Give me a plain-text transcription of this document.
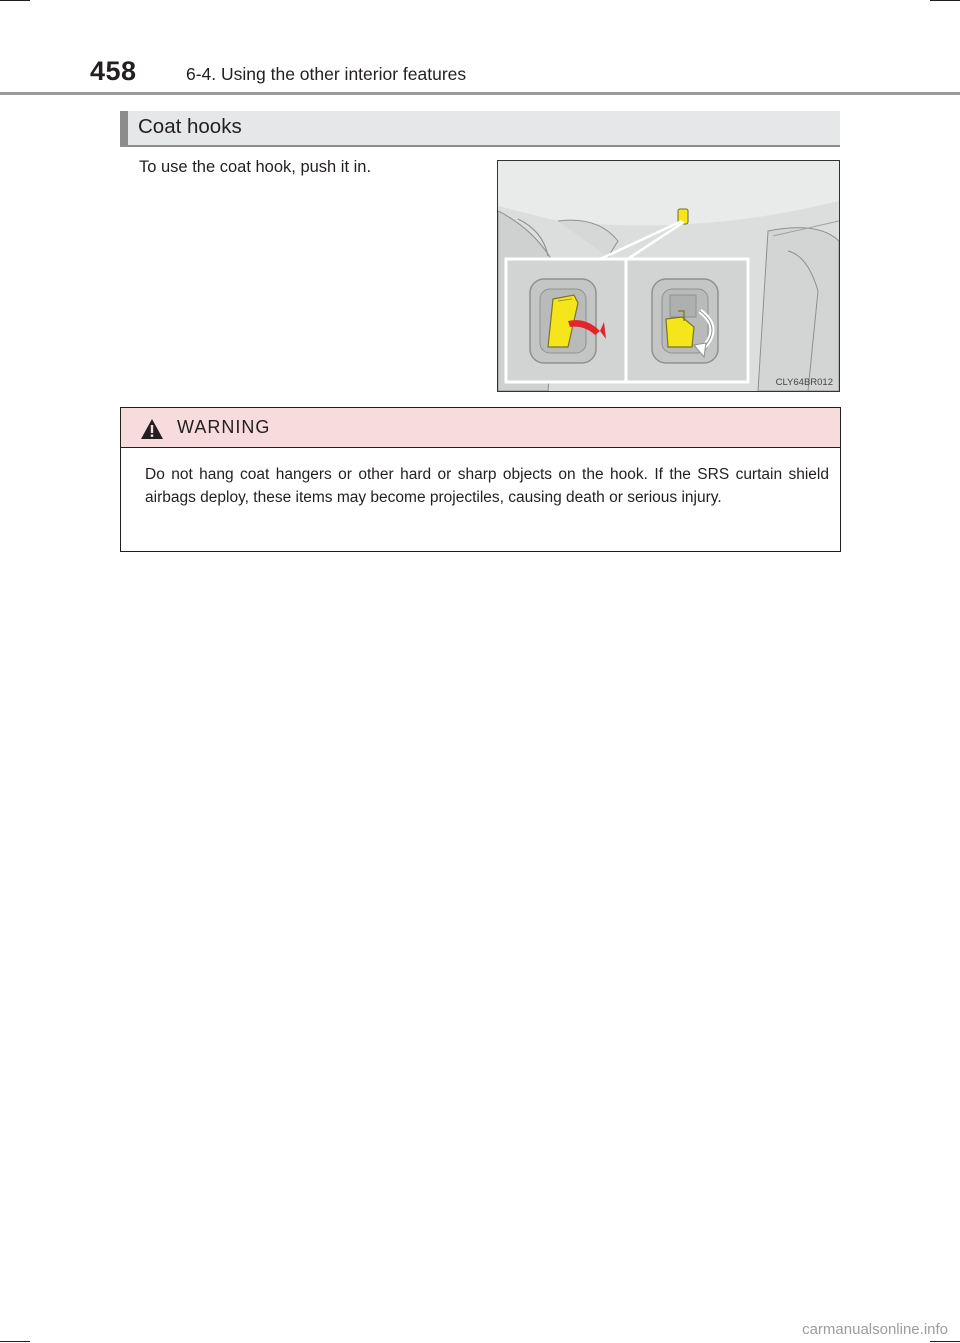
458	6-4. Using the other interior features
Coat hooks
To use the coat hook, push it in.
CLY64BR012
WARNING
Do not hang coat hangers or other hard or sharp objects on the hook. If the SRS curtain shield airbags deploy, these items may become projectiles, causing death or serious injury.
carmanualsonline.info
